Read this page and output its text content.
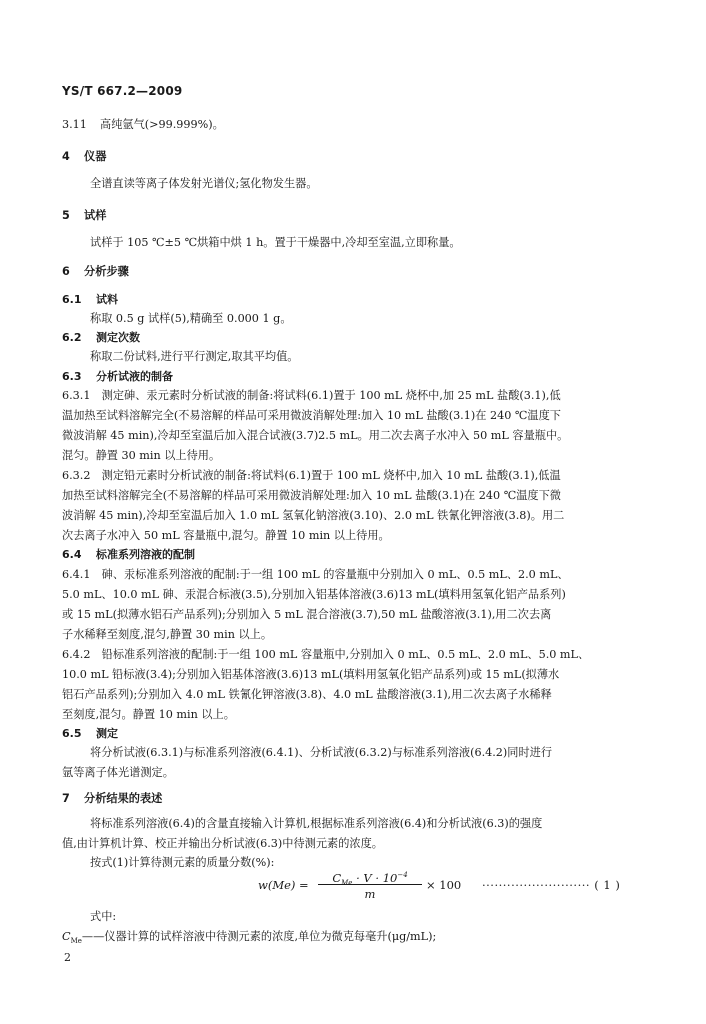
YS/T 667.2—2009
3.11 高纯氩气(>99.999%)。
4 仪器
全谱直读等离子体发射光谱仪;氢化物发生器。
5 试样
试样于 105 ℃±5 ℃烘箱中烘 1 h。置于干燥器中,冷却至室温,立即称量。
6 分析步骤
6.1 试料
称取 0.5 g 试样(5),精确至 0.000 1 g。
6.2 测定次数
称取二份试料,进行平行测定,取其平均值。
6.3 分析试液的制备
6.3.1　测定砷、汞元素时分析试液的制备:将试料(6.1)置于 100 mL 烧杯中,加 25 mL 盐酸(3.1),低
温加热至试料溶解完全(不易溶解的样品可采用微波消解处理:加入 10 mL 盐酸(3.1)在 240 ℃温度下
微波消解 45 min),冷却至室温后加入混合试液(3.7)2.5 mL。用二次去离子水冲入 50 mL 容量瓶中。
混匀。静置 30 min 以上待用。
6.3.2　测定铅元素时分析试液的制备:将试料(6.1)置于 100 mL 烧杯中,加入 10 mL 盐酸(3.1),低温
加热至试料溶解完全(不易溶解的样品可采用微波消解处理:加入 10 mL 盐酸(3.1)在 240 ℃温度下微
波消解 45 min),冷却至室温后加入 1.0 mL 氢氧化钠溶液(3.10)、2.0 mL 铁氰化钾溶液(3.8)。用二
次去离子水冲入 50 mL 容量瓶中,混匀。静置 10 min 以上待用。
6.4 标准系列溶液的配制
6.4.1　砷、汞标准系列溶液的配制:于一组 100 mL 的容量瓶中分别加入 0 mL、0.5 mL、2.0 mL、
5.0 mL、10.0 mL 砷、汞混合标液(3.5),分别加入铝基体溶液(3.6)13 mL(填料用氢氧化铝产品系列)
或 15 mL(拟薄水铝石产品系列);分别加入 5 mL 混合溶液(3.7),50 mL 盐酸溶液(3.1),用二次去离
子水稀释至刻度,混匀,静置 30 min 以上。
6.4.2　铅标准系列溶液的配制:于一组 100 mL 容量瓶中,分别加入 0 mL、0.5 mL、2.0 mL、5.0 mL、
10.0 mL 铅标液(3.4);分别加入铝基体溶液(3.6)13 mL(填料用氢氧化铝产品系列)或 15 mL(拟薄水
铝石产品系列);分别加入 4.0 mL 铁氰化钾溶液(3.8)、4.0 mL 盐酸溶液(3.1),用二次去离子水稀释
至刻度,混匀。静置 10 min 以上。
6.5 测定
将分析试液(6.3.1)与标准系列溶液(6.4.1)、分析试液(6.3.2)与标准系列溶液(6.4.2)同时进行
氩等离子体光谱测定。
7 分析结果的表述
将标准系列溶液(6.4)的含量直接输入计算机,根据标准系列溶液(6.4)和分析试液(6.3)的强度
值,由计算机计算、校正并输出分析试液(6.3)中待测元素的浓度。
按式(1)计算待测元素的质量分数(%):
w(Me) =
$C_{Me} \cdot V \cdot 10^{-4}$
m
× 100 ·························· ( 1 )
式中:
$C_{Me}——$仪器计算的试样溶液中待测元素的浓度,单位为微克每毫升(μg/mL);
2
